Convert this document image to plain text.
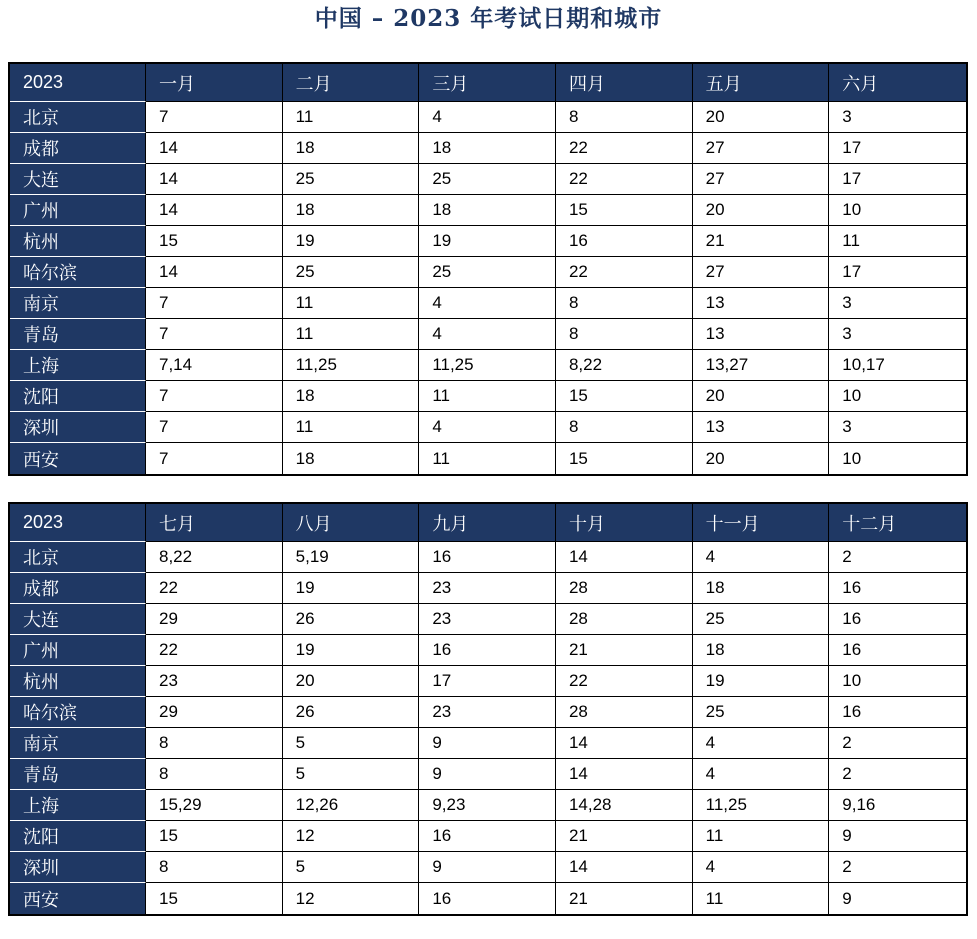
中国 – 2023 年考试日期和城市
2023	一月	二月	三月	四月	五月	六月
北京	7	11	4	8	20	3
成都	14	18	18	22	27	17
大连	14	25	25	22	27	17
广州	14	18	18	15	20	10
杭州	15	19	19	16	21	11
哈尔滨	14	25	25	22	27	17
南京	7	11	4	8	13	3
青岛	7	11	4	8	13	3
上海	7,14	11,25	11,25	8,22	13,27	10,17
沈阳	7	18	11	15	20	10
深圳	7	11	4	8	13	3
西安	7	18	11	15	20	10
2023	七月	八月	九月	十月	十一月	十二月
北京	8,22	5,19	16	14	4	2
成都	22	19	23	28	18	16
大连	29	26	23	28	25	16
广州	22	19	16	21	18	16
杭州	23	20	17	22	19	10
哈尔滨	29	26	23	28	25	16
南京	8	5	9	14	4	2
青岛	8	5	9	14	4	2
上海	15,29	12,26	9,23	14,28	11,25	9,16
沈阳	15	12	16	21	11	9
深圳	8	5	9	14	4	2
西安	15	12	16	21	11	9
